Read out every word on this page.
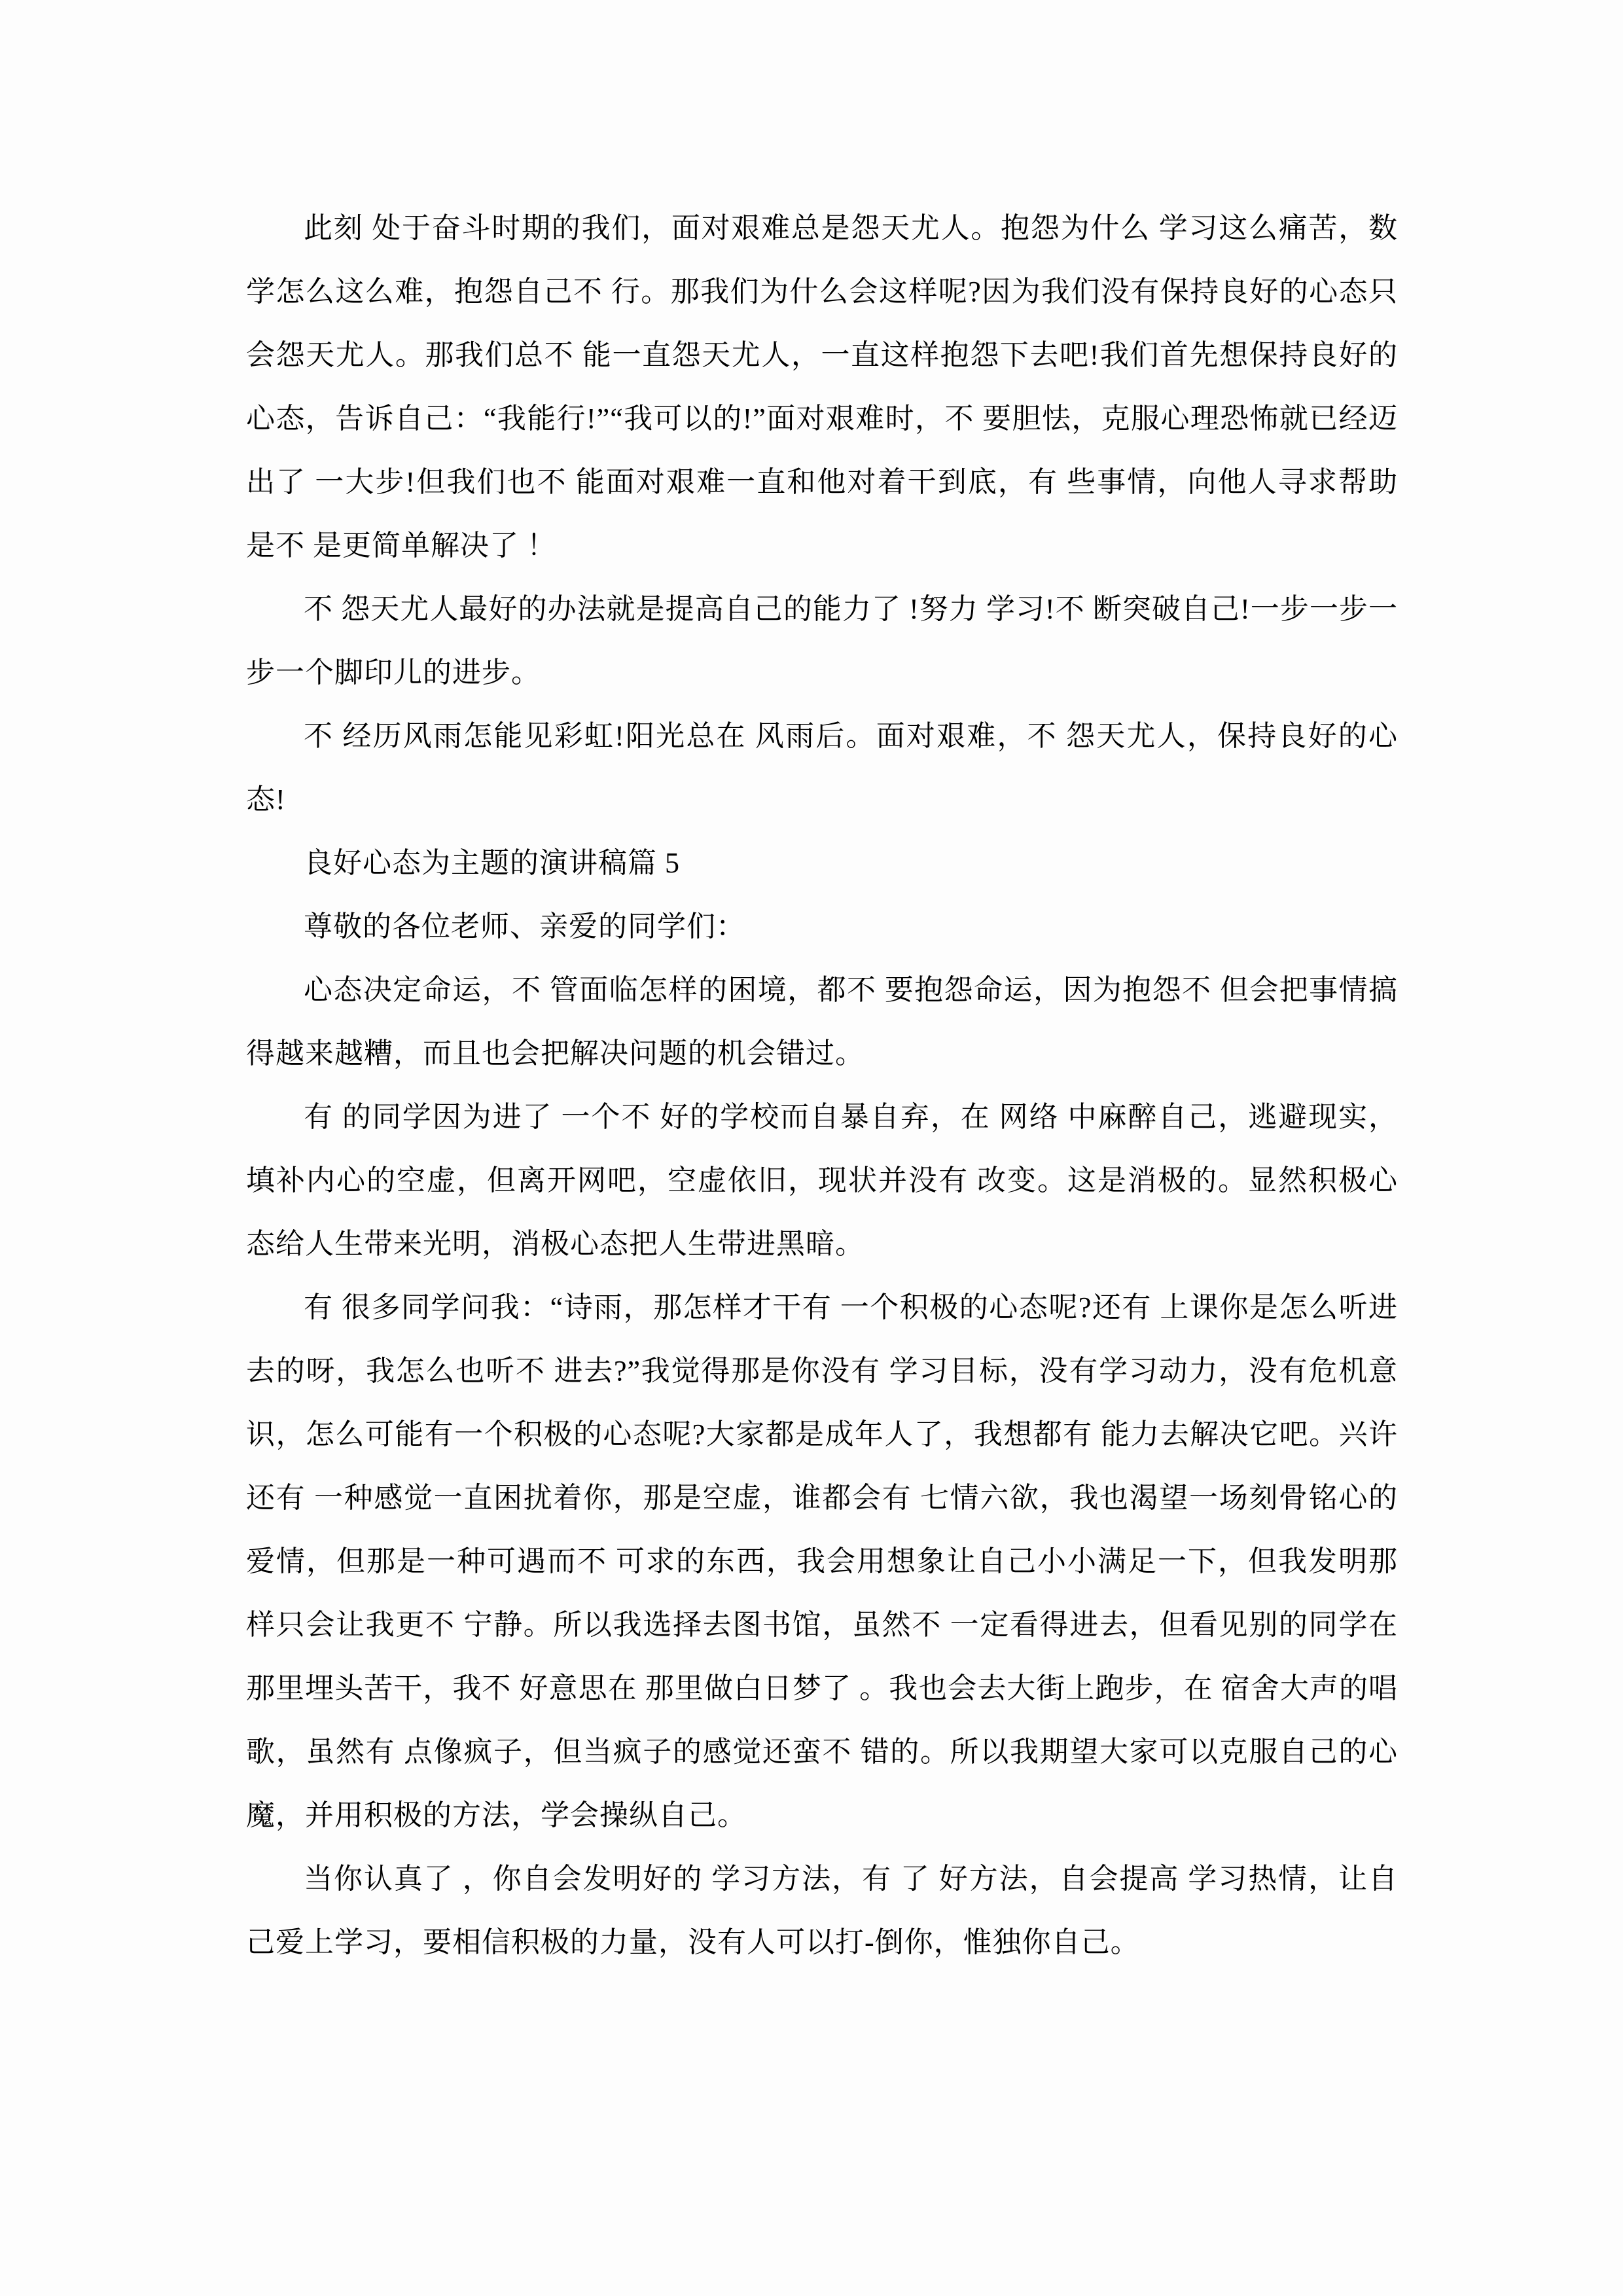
此刻 处于奋斗时期的我们，面对艰难总是怨天尤人。抱怨为什么 学习这么痛苦，数学怎么这么难，抱怨自己不 行。那我们为什么会这样呢?因为我们没有保持良好的心态只会怨天尤人。那我们总不 能一直怨天尤人，一直这样抱怨下去吧!我们首先想保持良好的心态，告诉自己：“我能行!”“我可以的!”面对艰难时，不 要胆怯，克服心理恐怖就已经迈出了 一大步!但我们也不 能面对艰难一直和他对着干到底，有 些事情，向他人寻求帮助是不 是更简单解决了 ！

不 怨天尤人最好的办法就是提高自己的能力了 !努力 学习!不 断突破自己!一步一步一步一个脚印儿的进步。

不 经历风雨怎能见彩虹!阳光总在 风雨后。面对艰难，不 怨天尤人，保持良好的心态!

良好心态为主题的演讲稿篇 5

尊敬的各位老师、亲爱的同学们：

心态决定命运，不 管面临怎样的困境，都不 要抱怨命运，因为抱怨不 但会把事情搞得越来越糟，而且也会把解决问题的机会错过。

有 的同学因为进了 一个不 好的学校而自暴自弃，在 网络 中麻醉自己，逃避现实，填补内心的空虚，但离开网吧，空虚依旧，现状并没有 改变。这是消极的。显然积极心态给人生带来光明，消极心态把人生带进黑暗。

有 很多同学问我：“诗雨，那怎样才干有 一个积极的心态呢?还有 上课你是怎么听进去的呀，我怎么也听不 进去?”我觉得那是你没有 学习目标，没有学习动力，没有危机意识，怎么可能有一个积极的心态呢?大家都是成年人了，我想都有 能力去解决它吧。兴许还有 一种感觉一直困扰着你，那是空虚，谁都会有 七情六欲，我也渴望一场刻骨铭心的爱情，但那是一种可遇而不 可求的东西，我会用想象让自己小小满足一下，但我发明那样只会让我更不 宁静。所以我选择去图书馆，虽然不 一定看得进去，但看见别的同学在 那里埋头苦干，我不 好意思在 那里做白日梦了 。我也会去大街上跑步，在 宿舍大声的唱歌，虽然有 点像疯子，但当疯子的感觉还蛮不 错的。所以我期望大家可以克服自己的心魔，并用积极的方法，学会操纵自己。

当你认真了 ，你自会发明好的 学习方法，有 了 好方法，自会提高 学习热情，让自己爱上学习，要相信积极的力量，没有人可以打-倒你，惟独你自己。
